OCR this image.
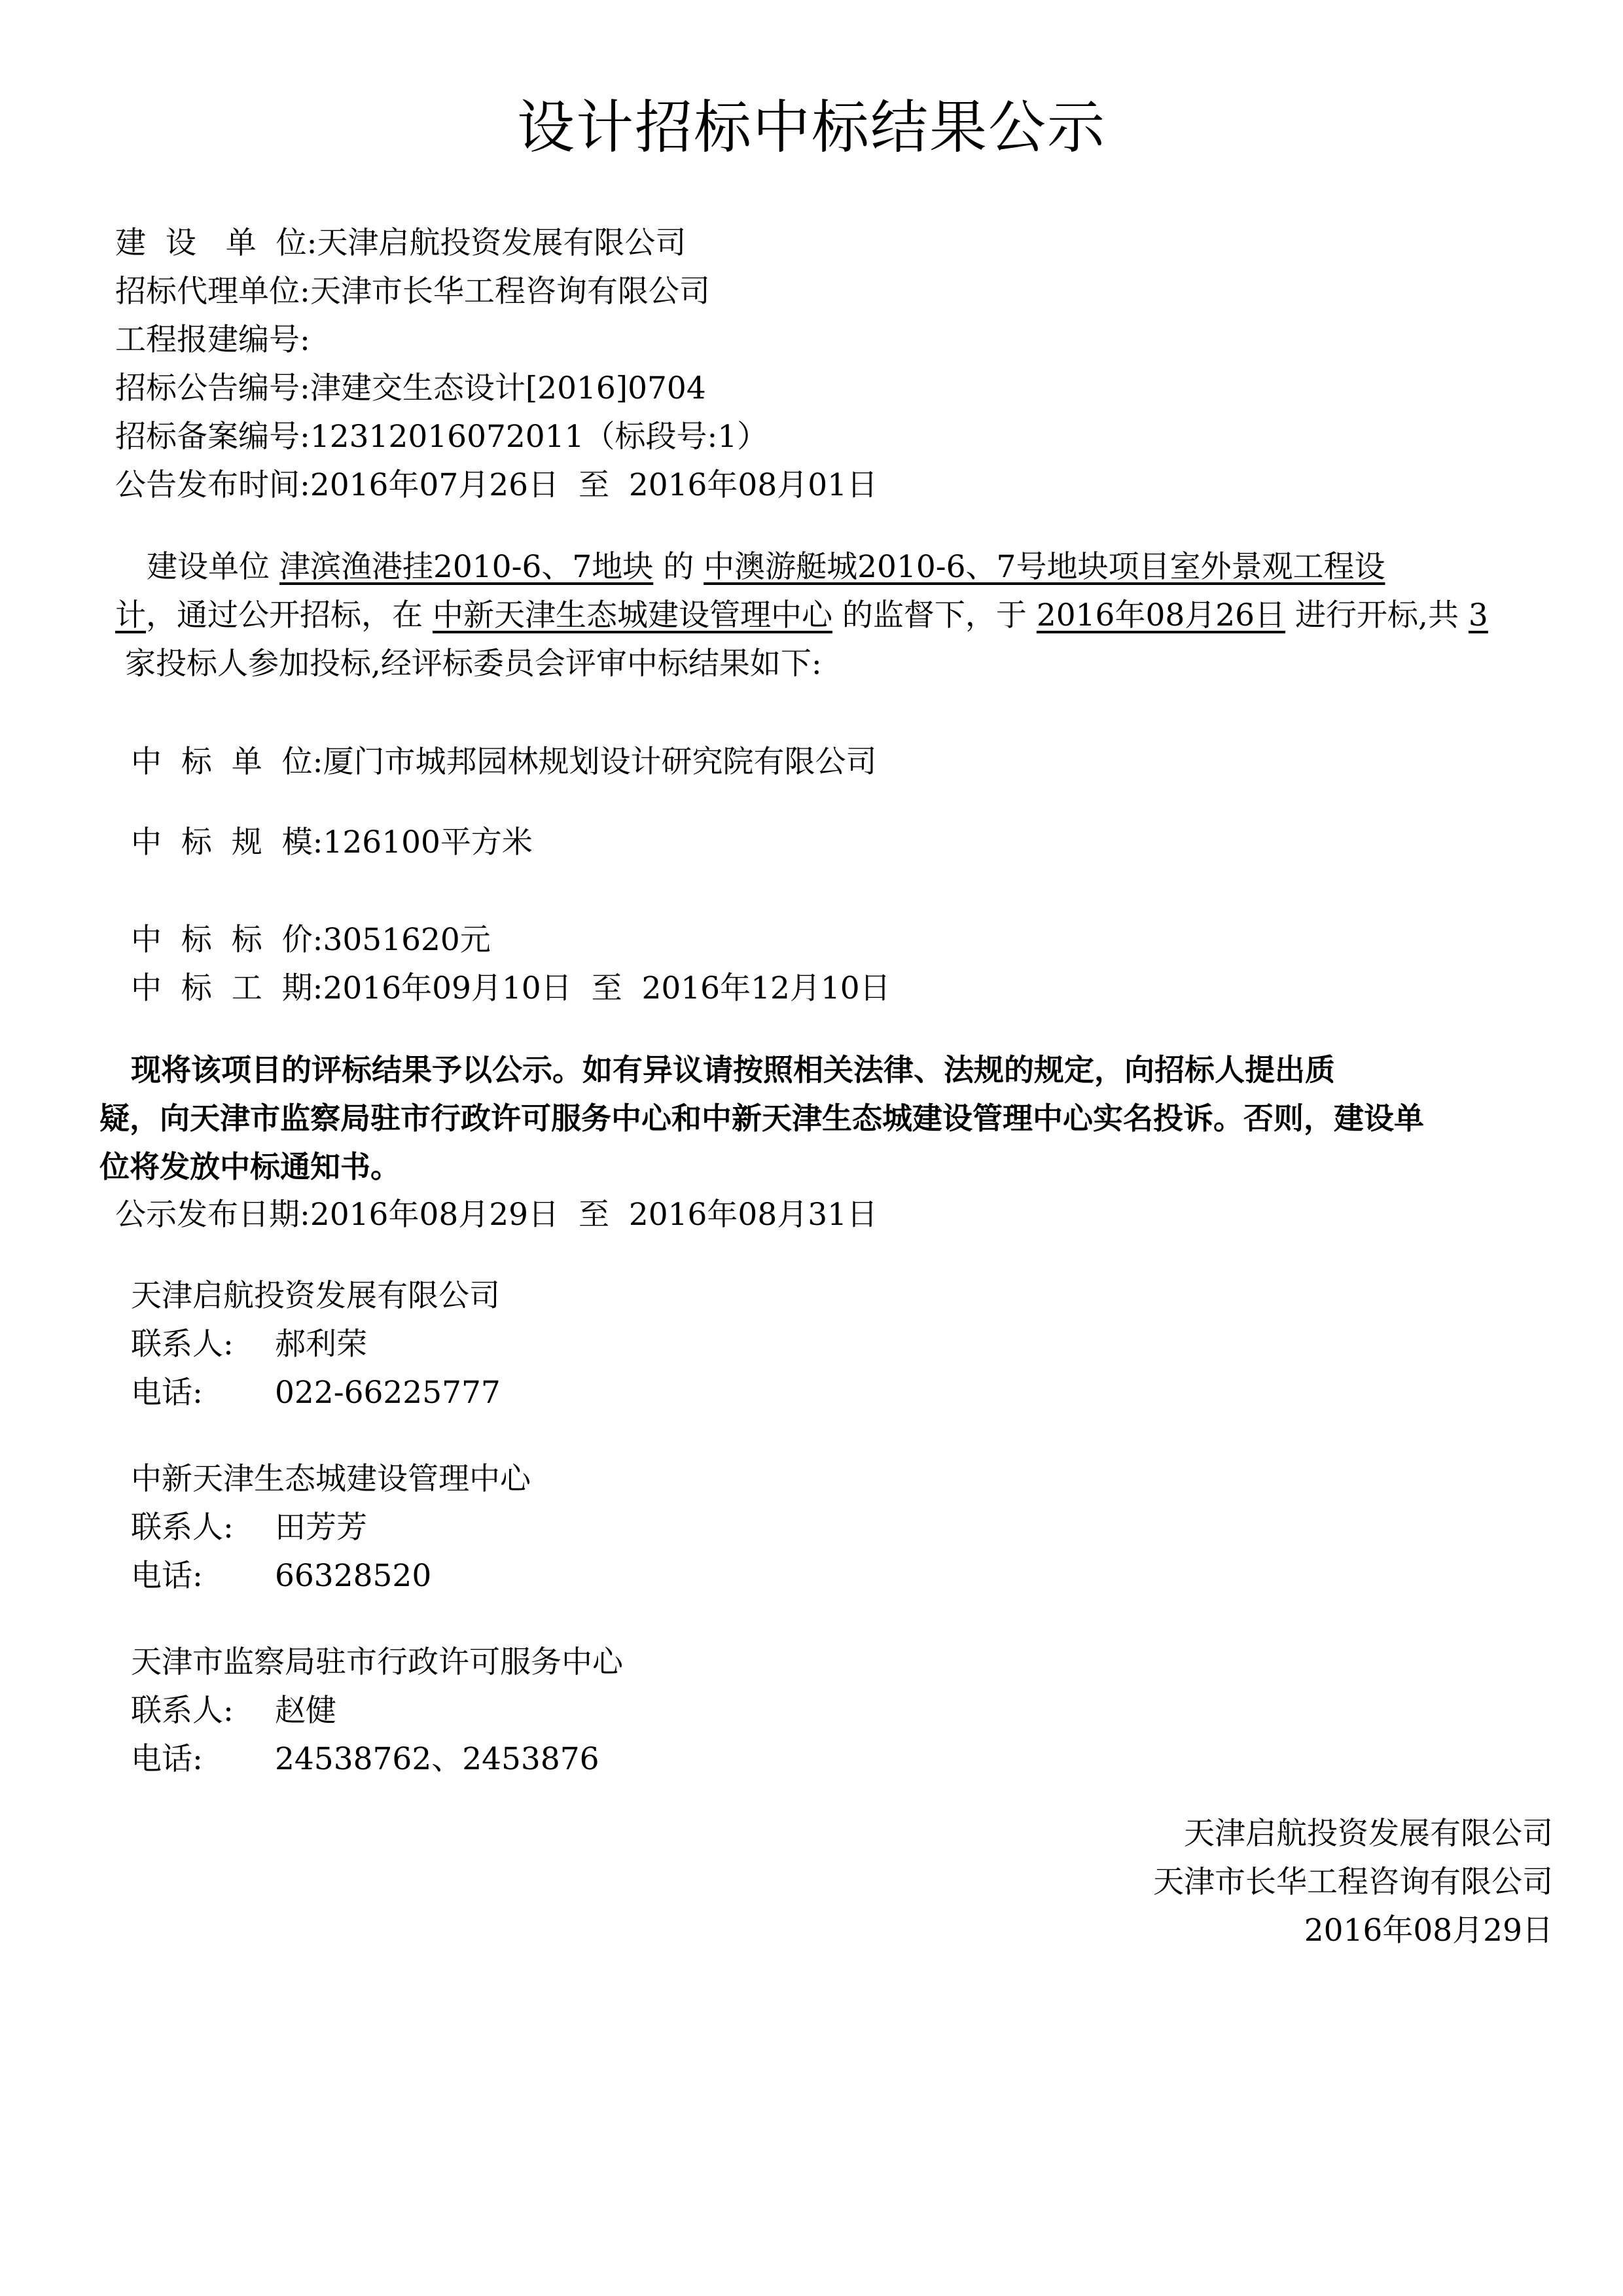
设计招标中标结果公示
建  设   单  位: 天津启航投资发展有限公司
招标代理单位: 天津市长华工程咨询有限公司
工程报建编号:
招标公告编号: 津建交生态设计[2016]0704
招标备案编号: 12312016072011（标段号:1）
公告发布时间: 2016年07月26日  至  2016年08月01日
建设单位 津滨渔港挂2010-6、7地块 的 中澳游艇城2010-6、7号地块项目室外景观工程设计，通过公开招标，在 中新天津生态城建设管理中心 的监督下，于 2016年08月26日 进行开标,共 3 家投标人参加投标,经评标委员会评审中标结果如下:
中  标  单  位: 厦门市城邦园林规划设计研究院有限公司
中  标  规  模: 126100平方米
中  标  标  价: 3051620元
中  标  工  期: 2016年09月10日  至  2016年12月10日
现将该项目的评标结果予以公示。如有异议请按照相关法律、法规的规定，向招标人提出质
疑，向天津市监察局驻市行政许可服务中心和中新天津生态城建设管理中心实名投诉。否则，建设单
位将发放中标通知书。
公示发布日期: 2016年08月29日  至  2016年08月31日
天津启航投资发展有限公司
联系人:	郝利荣
电话:	022-66225777
中新天津生态城建设管理中心
联系人:	田芳芳
电话:	66328520
天津市监察局驻市行政许可服务中心
联系人:	赵健
电话:	24538762、2453876
天津启航投资发展有限公司
天津市长华工程咨询有限公司
2016年08月29日
